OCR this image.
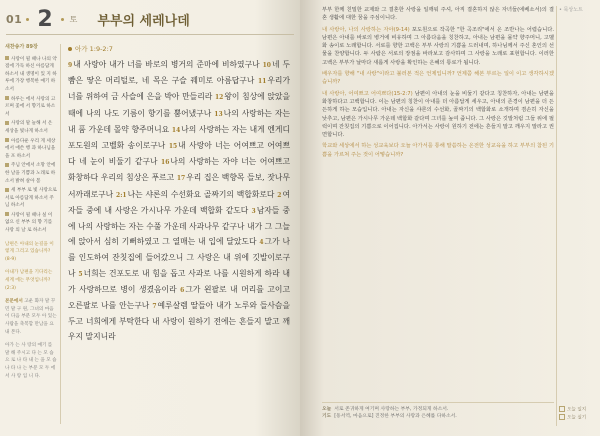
01 2 토 부부의 세레나데
새찬송가 89장
사랑이 될 때나 나의 약점에 가득 하신 아름답게 하소서 내 생명이 있 지 하루에 가장 행복한 얘기 하소서
하루는 에서 사랑의 고르며 꽃에 서 향기로 하소서
사랑의 말 늘해 서 온 세상을 빛나게 하소서
아름다운 우리 게 세상에서 애쓴 행 과 하나님을 을 포 하소서
주님 안에서 소망 안에 한 날을 기쁨과 노래로 하소서 밝혀 살아 봄
세 부부 로 빛 사랑으로 서로 아름답게 하소서 주님 하소서
사랑이 될 때나 실 이 없으 신 부부 의 향 기를 사랑 의 날 로 하소서
남편은 아내의 눈길을 이렇게 그리고 있습니까? (8-9)
아내가 남편을 기다리는 세계 에는 무엇입니까? (2:3)
본문에서 고운 화자 말 꾸민 말 구 원, 그녀의 마음이 다음 부분 모두 아 있는 사람을 축복합 만남을 요 내 본다.
아가 는 사 랑의 얘기 를 말 해 주시고 다 는 모 습 으 로 나 타 내 는 을 모 습 나 타 나 는 부분 모 두 에 서 사 랑 입 니 다.
아가 1:9-2:7
9내 사랑아 내가 너를 바로의 병거의 준마에 비하였구나 10네 두 뺨은 땋은 머리털로, 네 목은 구슬 꿰미로 아름답구나 11우리가 너를 위하여 금 사슬에 은을 박아 만들리라 12왕이 침상에 앉았을 때에 나의 나도 기름이 향기를 뿜어냈구나 13나의 사랑하는 자는 내 품 가운데 몰약 향주머니요 14나의 사랑하는 자는 내게 엔게디 포도원의 고벨화 송이로구나 15내 사랑아 너는 어여쁘고 어여쁘다 네 눈이 비둘기 같구나 16나의 사랑하는 자야 너는 어여쁘고 화창하다 우리의 침상은 푸르고 17우리 집은 백향목 들보, 잣나무 서까래로구나 2:1나는 샤론의 수선화요 골짜기의 백합화로다 2여자들 중에 내 사랑은 가시나무 가운데 백합화 같도다 3남자들 중에 나의 사랑하는 자는 수풀 가운데 사과나무 같구나 내가 그 그늘에 앉아서 심히 기뻐하였고 그 열매는 내 입에 달았도다 4그가 나를 인도하여 잔칫집에 들어갔으니 그 사랑은 내 위에 깃발이로구나 5너희는 건포도로 내 힘을 돕고 사과로 나를 시원하게 하라 내가 사랑하므로 병이 생겼음이라 6그가 왼팔로 내 머리를 고이고 오른팔로 나를 안는구나 7예루살렘 딸들아 내가 노루와 들사슴을 두고 너희에게 부탁한다 내 사랑이 원하기 전에는 흔들지 말고 깨우지 말지니라

부부 한께 친밀한 교제와 그 결혼한 사랑을 일깨워 주셔, 아직 결혼하지 않은 자녀들(에베소서)의 결혼 생활에 대한 꿈을 주심이니다.

내 사랑아, 나의 사랑하는 자야(9-14) 포도원으로 작곡한 "한 곡조리"에서 온 조반나는 어렵습니다. 남편은 아내를 바로의 병거에 비유하며 그 아름다움을 칭찬하고, 아내는 남편을 몰약 향주머니, 고벨화 송이로 노래합니다. 서로를 향한 고백은 부부 사랑의 기쁨을 드러내며, 하나님께서 주신 혼인의 선물을 찬양합니다. 두 사람은 서로의 장점을 바라보고 감사하며 그 사랑을 노래로 표현합니다. 이러한 고백은 부부가 날마다 새롭게 사랑을 확인하는 은혜의 통로가 됩니다.

배우자를 향해 "내 사랑"이라고 불러본 적은 언제입니까? 언제쯤 해본 부르는 일이 이고 생각하시겠습니까?

내 사랑아, 어여쁘고 어여쁘다(15-2:7) 남편이 아내의 눈을 비둘기 같다고 칭찬하자, 아내는 남편을 화창하다고 고백합니다. 이는 남편의 칭찬이 아내를 더 아름답게 세우고, 아내의 존경이 남편을 더 든든하게 하는 모습입니다. 아내는 자신을 샤론의 수선화, 골짜기의 백합화로 소개하며 겸손히 자신을 낮추고, 남편은 가시나무 가운데 백합화 같다며 그녀를 높여 줍니다. 그 사랑은 깃발처럼 그들 위에 펄럭이며 잔칫집의 기쁨으로 이어집니다. 아가서는 사랑이 원하기 전에는 흔들지 말고 깨우지 말라고 권면합니다.

학교와 세상에서 하는 성교육보다 오늘 아가서를 통해 말씀하는 온전한 성교육을 하고 부부의 참된 기쁨을 가르쳐 주는 것이 어떻습니까?
• 묵상노트
오늘 서로 존귀하게 여기며 사랑하는 부부, 가정되게 하소서.
기도 [동서역, 마음으로] 진정한 부부의 사랑과 은혜를 다하소서.
오늘 일지
오늘 실기
